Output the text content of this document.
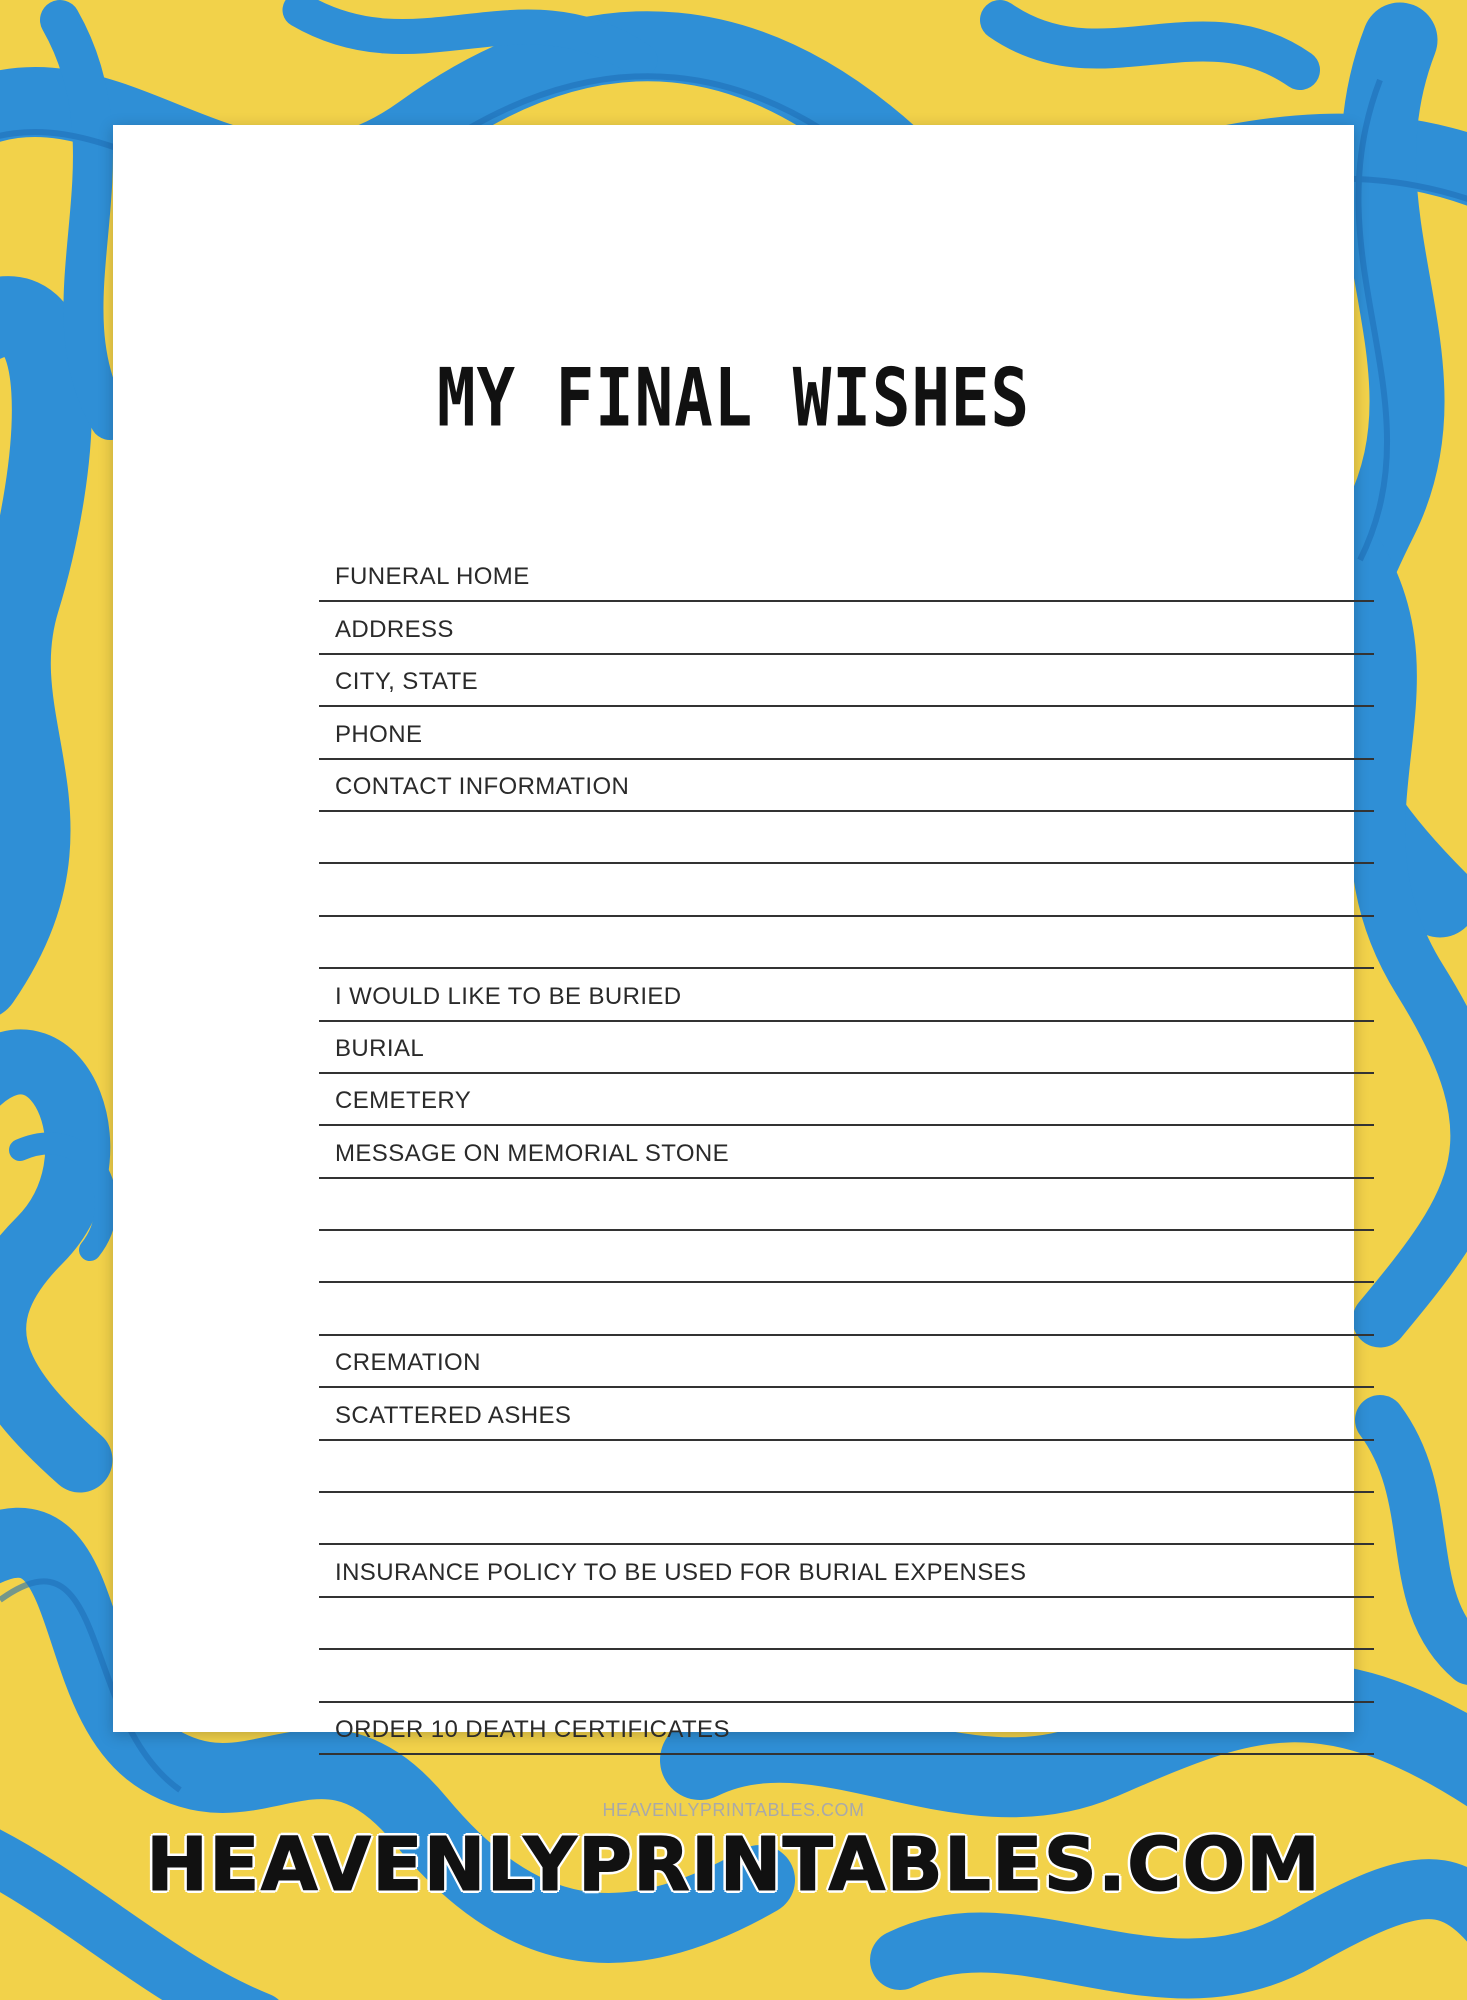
MY FINAL WISHES
FUNERAL HOME
ADDRESS
CITY, STATE
PHONE
CONTACT INFORMATION
I WOULD LIKE TO BE BURIED
BURIAL
CEMETERY
MESSAGE ON MEMORIAL STONE
CREMATION
SCATTERED ASHES
INSURANCE POLICY TO BE USED FOR BURIAL EXPENSES
ORDER 10 DEATH CERTIFICATES
HEAVENLYPRINTABLES.COM
HEAVENLYPRINTABLES.COM
